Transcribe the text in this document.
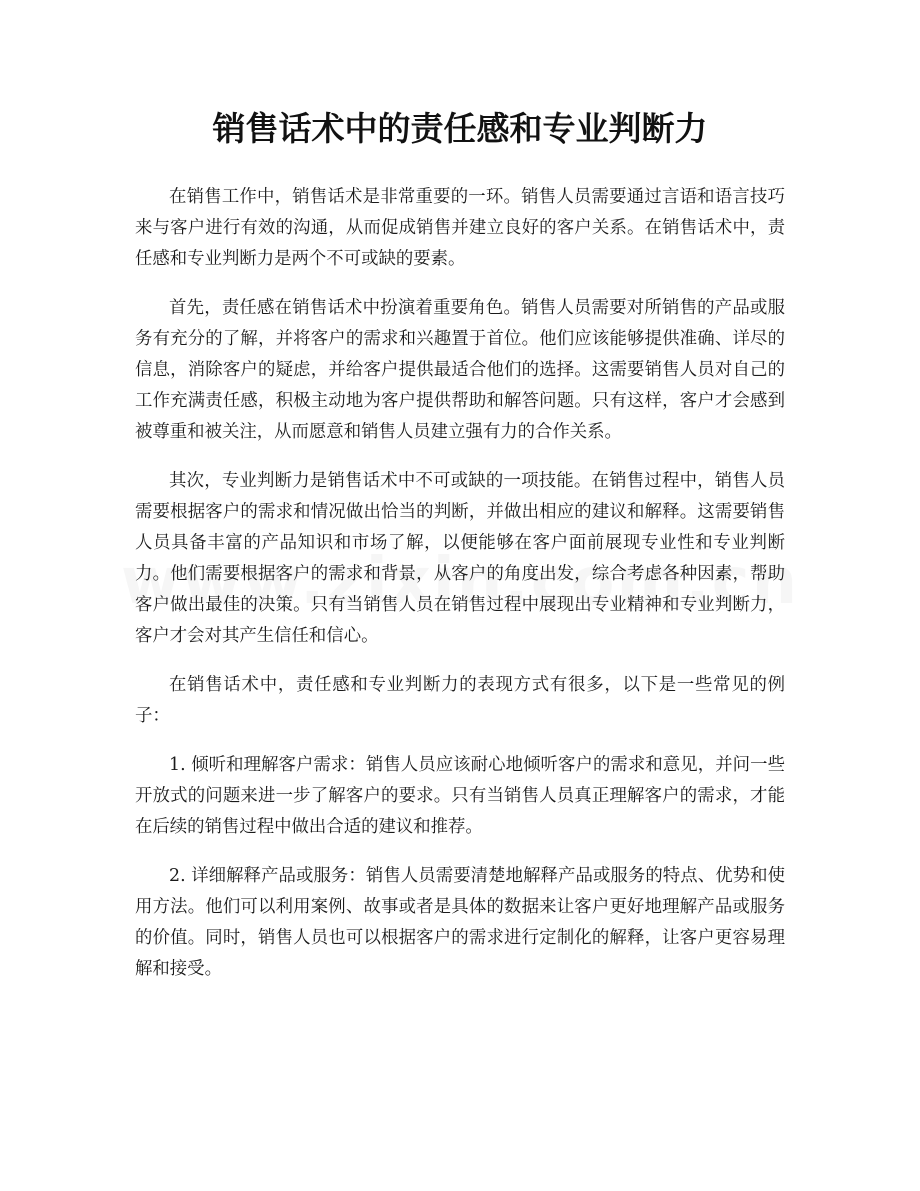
销售话术中的责任感和专业判断力

在销售工作中，销售话术是非常重要的一环。销售人员需要通过言语和语言技巧来与客户进行有效的沟通，从而促成销售并建立良好的客户关系。在销售话术中，责任感和专业判断力是两个不可或缺的要素。

首先，责任感在销售话术中扮演着重要角色。销售人员需要对所销售的产品或服务有充分的了解，并将客户的需求和兴趣置于首位。他们应该能够提供准确、详尽的信息，消除客户的疑虑，并给客户提供最适合他们的选择。这需要销售人员对自己的工作充满责任感，积极主动地为客户提供帮助和解答问题。只有这样，客户才会感到被尊重和被关注，从而愿意和销售人员建立强有力的合作关系。

其次，专业判断力是销售话术中不可或缺的一项技能。在销售过程中，销售人员需要根据客户的需求和情况做出恰当的判断，并做出相应的建议和解释。这需要销售人员具备丰富的产品知识和市场了解，以便能够在客户面前展现专业性和专业判断力。他们需要根据客户的需求和背景，从客户的角度出发，综合考虑各种因素，帮助客户做出最佳的决策。只有当销售人员在销售过程中展现出专业精神和专业判断力，客户才会对其产生信任和信心。

在销售话术中，责任感和专业判断力的表现方式有很多，以下是一些常见的例子：

1. 倾听和理解客户需求：销售人员应该耐心地倾听客户的需求和意见，并问一些开放式的问题来进一步了解客户的要求。只有当销售人员真正理解客户的需求，才能在后续的销售过程中做出合适的建议和推荐。

2. 详细解释产品或服务：销售人员需要清楚地解释产品或服务的特点、优势和使用方法。他们可以利用案例、故事或者是具体的数据来让客户更好地理解产品或服务的价值。同时，销售人员也可以根据客户的需求进行定制化的解释，让客户更容易理解和接受。
